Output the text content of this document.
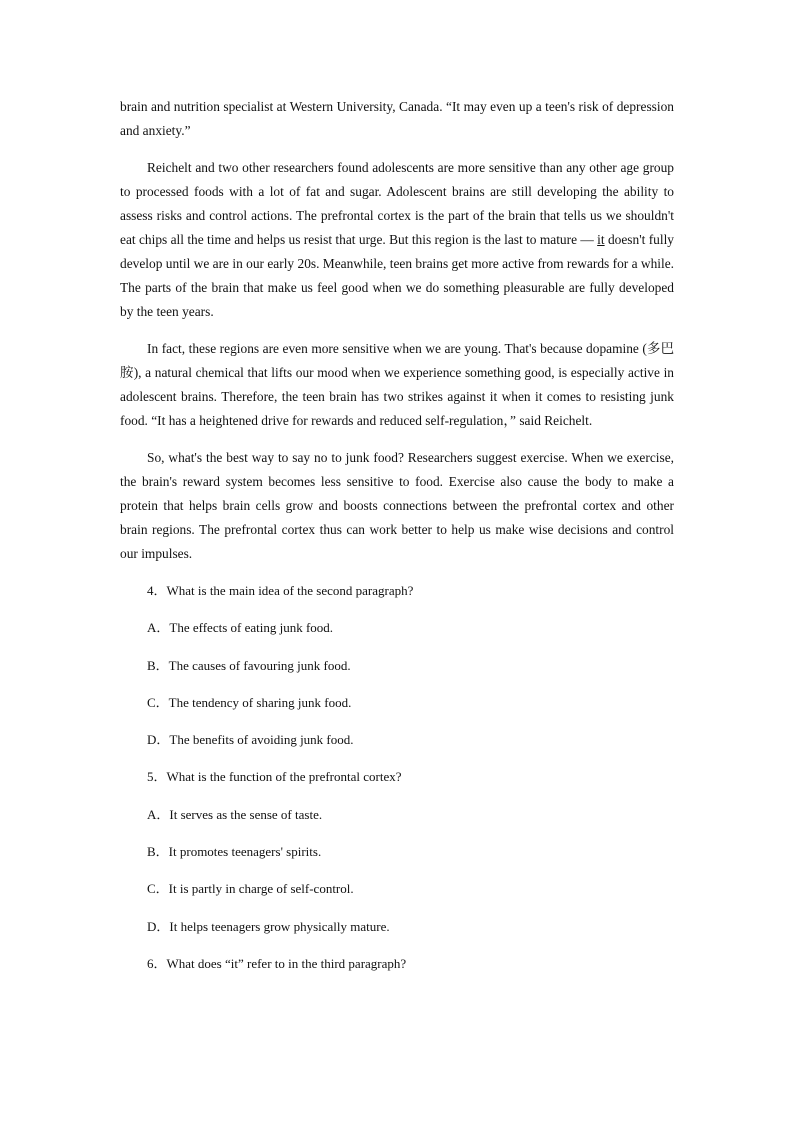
brain and nutrition specialist at Western University, Canada. “It may even up a teen's risk of depression and anxiety.”

Reichelt and two other researchers found adolescents are more sensitive than any other age group to processed foods with a lot of fat and sugar. Adolescent brains are still developing the ability to assess risks and control actions. The prefrontal cortex is the part of the brain that tells us we shouldn't eat chips all the time and helps us resist that urge. But this region is the last to mature — it doesn't fully develop until we are in our early 20s. Meanwhile, teen brains get more active from rewards for a while. The parts of the brain that make us feel good when we do something pleasurable are fully developed by the teen years.

In fact, these regions are even more sensitive when we are young. That's because dopamine (多巴胺), a natural chemical that lifts our mood when we experience something good, is especially active in adolescent brains. Therefore, the teen brain has two strikes against it when it comes to resisting junk food. “It has a heightened drive for rewards and reduced self-regulation，” said Reichelt.

So, what's the best way to say no to junk food? Researchers suggest exercise. When we exercise, the brain's reward system becomes less sensitive to food. Exercise also cause the body to make a protein that helps brain cells grow and boosts connections between the prefrontal cortex and other brain regions. The prefrontal cortex thus can work better to help us make wise decisions and control our impulses.

4．What is the main idea of the second paragraph?
A．The effects of eating junk food.
B．The causes of favouring junk food.
C．The tendency of sharing junk food.
D．The benefits of avoiding junk food.
5．What is the function of the prefrontal cortex?
A．It serves as the sense of taste.
B．It promotes teenagers' spirits.
C．It is partly in charge of self-control.
D．It helps teenagers grow physically mature.
6．What does “it” refer to in the third paragraph?
